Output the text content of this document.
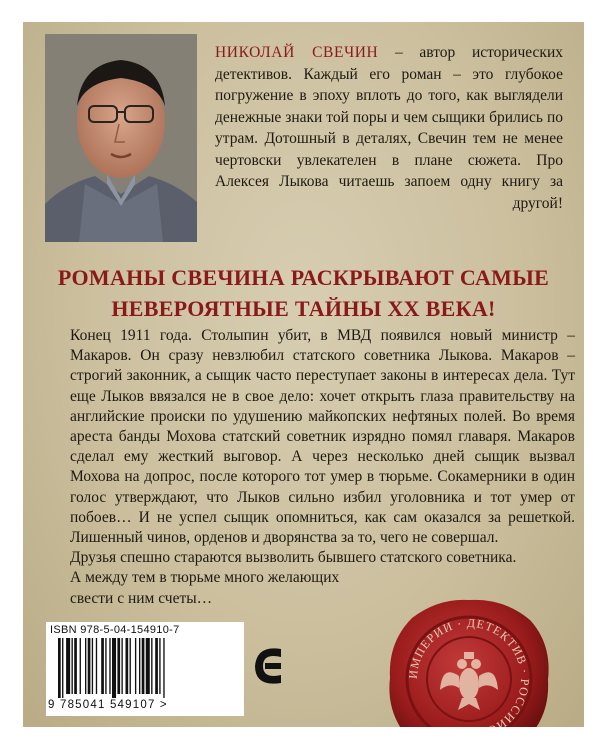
НИКОЛАЙ СВЕЧИН – автор исторических детективов. Каждый его роман – это глубокое погружение в эпоху вплоть до того, как выглядели денежные знаки той поры и чем сыщики брились по утрам. Дотошный в деталях, Свечин тем не менее чертовски увлекателен в плане сюжета. Про Алексея Лыкова читаешь запоем одну книгу за другой!
РОМАНЫ СВЕЧИНА РАСКРЫВАЮТ САМЫЕ
НЕВЕРОЯТНЫЕ ТАЙНЫ XX ВЕКА!

Конец 1911 года. Столыпин убит, в МВД появился новый министр – Макаров. Он сразу невзлюбил статского советника Лыкова. Макаров – строгий законник, а сыщик часто переступает законы в интересах дела. Тут еще Лыков ввязался не в свое дело: хочет открыть глаза правительству на английские происки по удушению майкопских нефтяных полей. Во время ареста банды Мохова статский советник изрядно помял главаря. Макаров сделал ему жесткий выговор. А через несколько дней сыщик вызвал Мохова на допрос, после которого тот умер в тюрьме. Сокамерники в один голос утверждают, что Лыков сильно избил уголовника и тот умер от побоев… И не успел сыщик опомниться, как сам оказался за решеткой. Лишенный чинов, орденов и дворянства за то, чего не совершал.

Друзья спешно стараются вызволить бывшего статского советника.

А между тем в тюрьме много желающих

свести с ним счеты…

ИМПЕРИИ · ДЕТЕКТИВ · РОССИЙСКОЙ ·
ISBN 978-5-04-154910-7
9 785041 549107 >
